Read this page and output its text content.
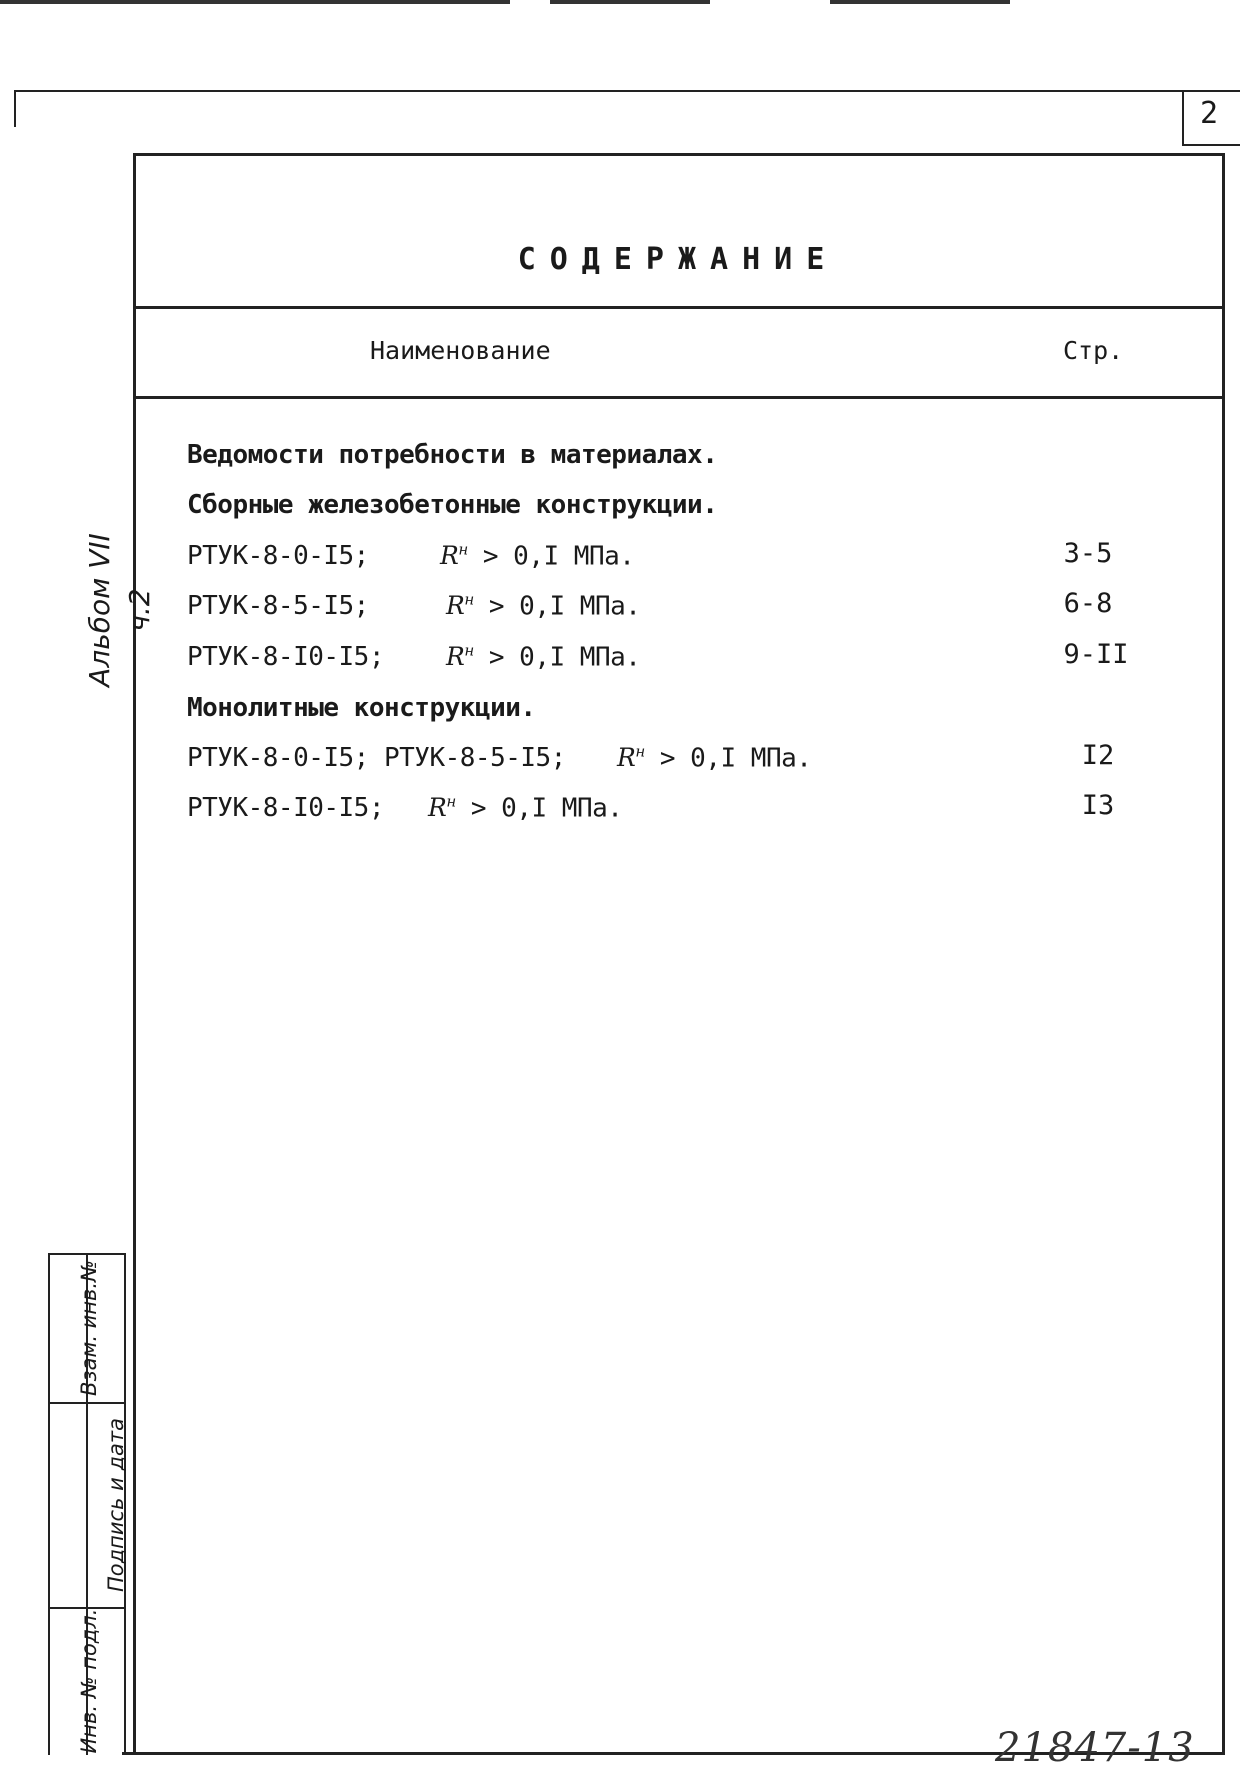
2
СОДЕРЖАНИЕ
Наименование	Стр.
Ведомости потребности в материалах.
Сборные железобетонные конструкции.
РТУК-8-0-I5;	$R^н > 0,I$ МПа.	3-5
РТУК-8-5-I5;	$R^н > 0,I$ МПа.	6-8
РТУК-8-I0-I5; $R^н > 0,I$ МПа.	9-II
Монолитные конструкции.
РТУК-8-0-I5; РТУК-8-5-I5; $R^н > 0,I$ МПа.	I2
РТУК-8-I0-I5; $R^н > 0,I$ МПа.	I3
Альбом VII ч.2
Взам. инв.№
Подпись и дата
Инв. № подл.	21847-13
